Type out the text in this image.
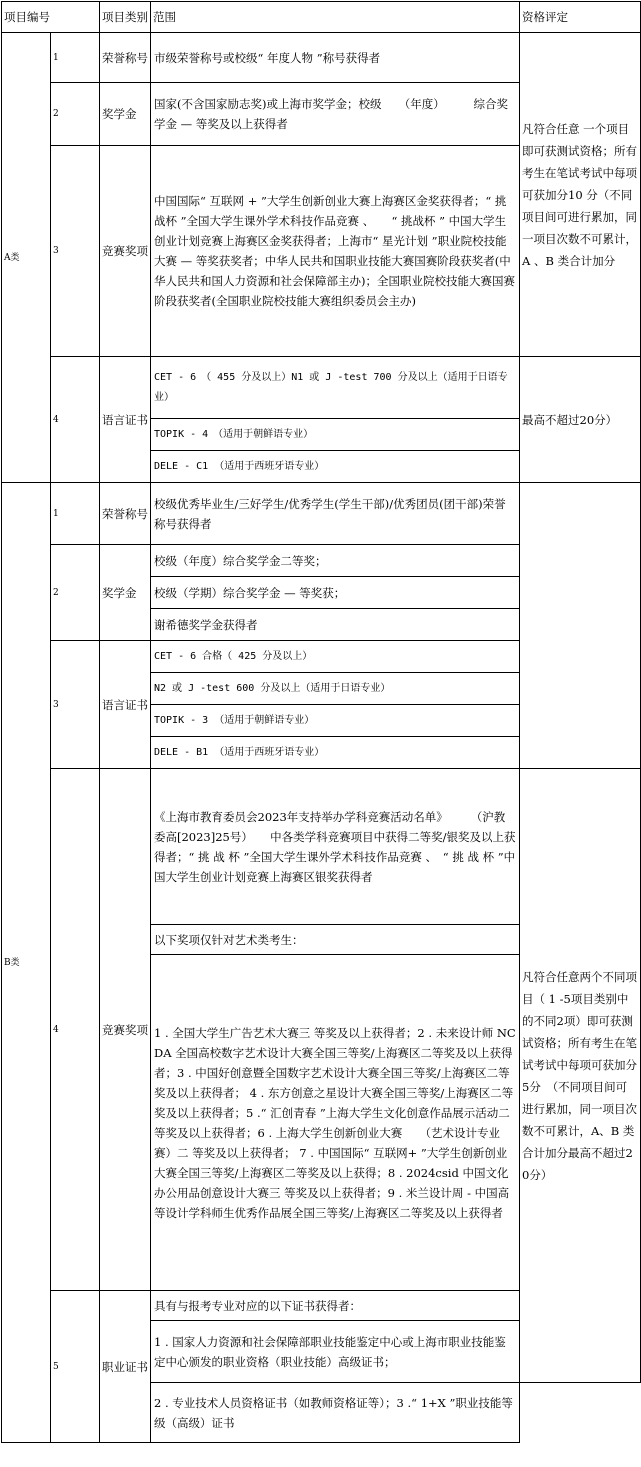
项目编号		项目类别	范围	资格评定
A类	1	荣誉称号	市级荣誉称号或校级“ 年度人物 ”称号获得者	凡符合任意 一个项目即可获测试资格；所有考生在笔试考试中每项可获加分10 分（不同项目间可进行累加，同一项目次数不可累计，A 、B 类合计加分
	2	奖学金	国家(不含国家励志奖)或上海市奖学金；校级　　（年度）　　　综合奖学金 — 等奖及以上获得者	
	3	竞赛奖项	中国国际“ 互联网 + ”大学生创新创业大赛上海赛区金奖获得者；“ 挑战杯 ”全国大学生课外学术科技作品竞赛 、　　“ 挑战杯 ” 中国大学生创业计划竞赛上海赛区金奖获得者；上海市“ 星光计划 ”职业院校技能大赛 — 等奖获奖者；中华人民共和国职业技能大赛国赛阶段获奖者(中华人民共和国人力资源和社会保障部主办)；全国职业院校技能大赛国赛阶段获奖者(全国职业院校技能大赛组织委员会主办)	
	4	语言证书	CET - 6　（ 455 分及以上）N1 或 J -test 700 分及以上（适用于日语专业）	最高不超过20分）
			TOPIK - 4　（适用于朝鲜语专业）	
			DELE - C1 （适用于西班牙语专业）	
B类	1	荣誉称号	校级优秀毕业生/三好学生/优秀学生(学生干部)/优秀团员(团干部)荣誉称号获得者	
	2	奖学金	校级（年度）综合奖学金二等奖；	
			校级（学期）综合奖学金 — 等奖获；	
			谢希德奖学金获得者	
	3	语言证书	CET - 6 合格（ 425 分及以上）	
			N2 或 J -test 600 分及以上（适用于日语专业）	
			TOPIK - 3 （适用于朝鲜语专业）	
			DELE - B1 （适用于西班牙语专业）	
	4	竞赛奖项	《上海市教育委员会2023年支持举办学科竞赛活动名单》　　　（沪教委高[2023]25号）　　中各类学科竞赛项目中获得二等奖/银奖及以上获得者；“ 挑 战 杯 ”全国大学生课外学术科技作品竞赛 、　“ 挑 战 杯 ”中国大学生创业计划竞赛上海赛区银奖获得者	凡符合任意两个不同项目（ 1 -5项目类别中的不同2项）即可获测试资格；所有考生在笔试考试中每项可获加分5分　（不同项目间可进行累加，同一项目次数不可累计，A、B 类合计加分最高不超过20分）
			以下奖项仅针对艺术类考生：	
			1 . 全国大学生广告艺术大赛三 等奖及以上获得者；2 . 未来设计师 NCDA 全国高校数字艺术设计大赛全国三等奖/上海赛区二等奖及以上获得者；3 . 中国好创意暨全国数字艺术设计大赛全国三等奖/上海赛区二等奖及以上获得者； 4 . 东方创意之星设计大赛全国三等奖/上海赛区二等奖及以上获得者；5 .“ 汇创青春 ”上海大学生文化创意作品展示活动二等奖及以上获得者；6 . 上海大学生创新创业大赛　　（艺术设计专业赛）二 等奖及以上获得者； 7 . 中国国际“ 互联网+ ”大学生创新创业大赛全国三等奖/上海赛区二等奖及以上获得；8 . 2024csid 中国文化办公用品创意设计大赛三 等奖及以上获得者；9 . 米兰设计周 - 中国高等设计学科师生优秀作品展全国三等奖/上海赛区二等奖及以上获得者	
	5	职业证书	具有与报考专业对应的以下证书获得者：	
			1 . 国家人力资源和社会保障部职业技能鉴定中心或上海市职业技能鉴定中心颁发的职业资格（职业技能）高级证书；	
			2 . 专业技术人员资格证书（如教师资格证等）；3 .“ 1+X ”职业技能等级（高级）证书	
